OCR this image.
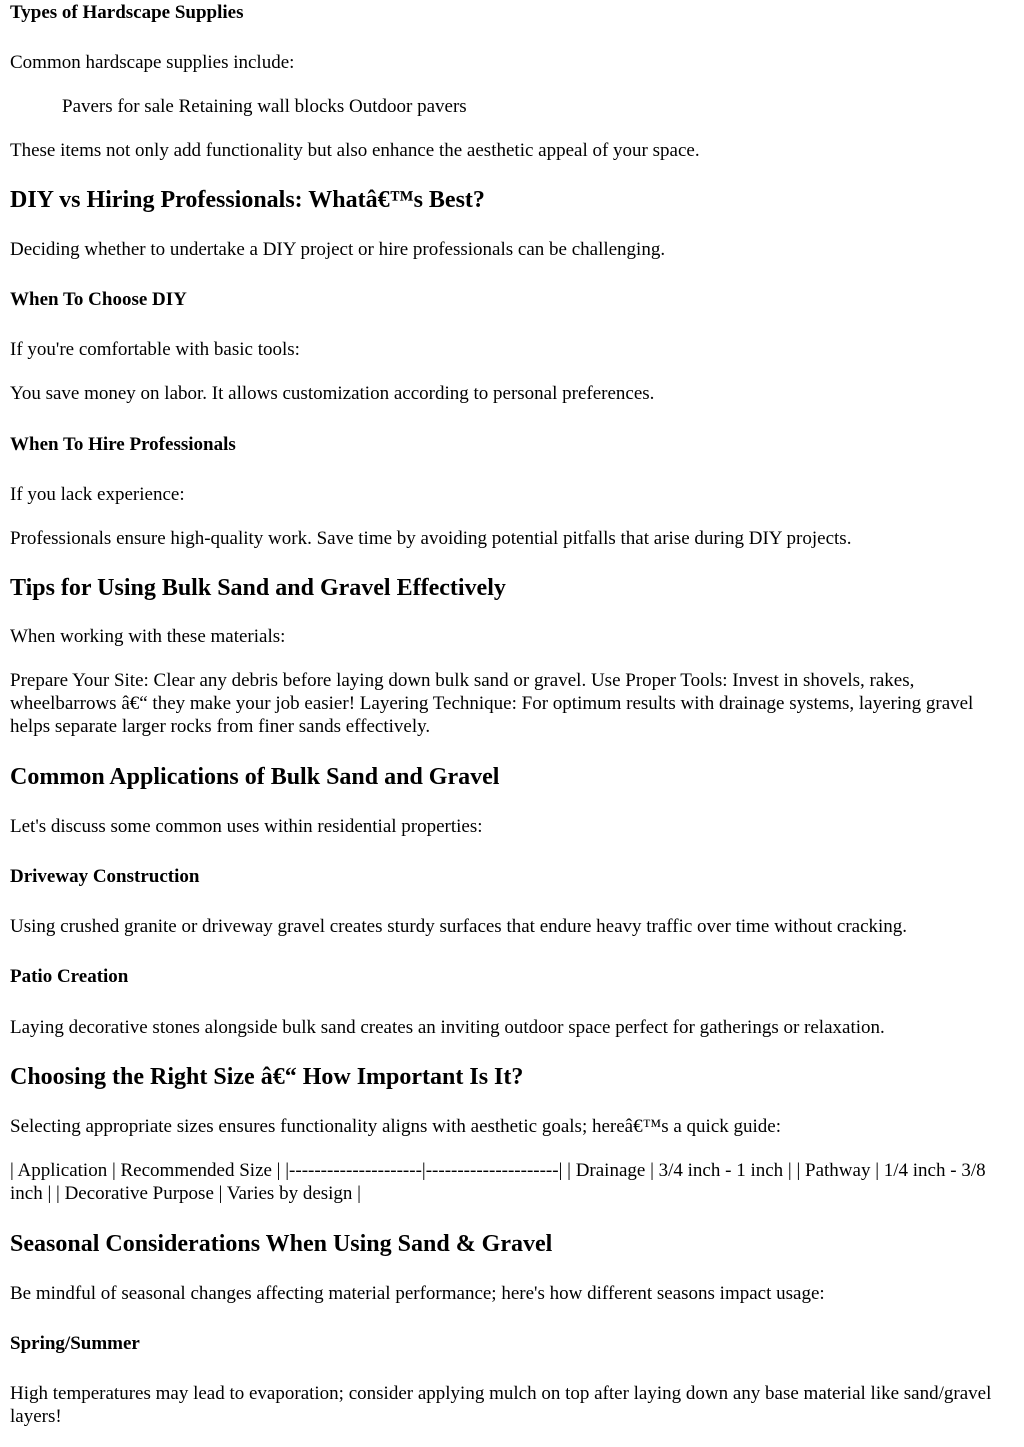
Types of Hardscape Supplies

Common hardscape supplies include:

Pavers for sale Retaining wall blocks Outdoor pavers

These items not only add functionality but also enhance the aesthetic appeal of your space.

DIY vs Hiring Professionals: Whatâ€™s Best?

Deciding whether to undertake a DIY project or hire professionals can be challenging.

When To Choose DIY

If you're comfortable with basic tools:

You save money on labor. It allows customization according to personal preferences.

When To Hire Professionals

If you lack experience:

Professionals ensure high-quality work. Save time by avoiding potential pitfalls that arise during DIY projects.

Tips for Using Bulk Sand and Gravel Effectively

When working with these materials:

Prepare Your Site: Clear any debris before laying down bulk sand or gravel. Use Proper Tools: Invest in shovels, rakes, wheelbarrows â€“ they make your job easier! Layering Technique: For optimum results with drainage systems, layering gravel helps separate larger rocks from finer sands effectively.

Common Applications of Bulk Sand and Gravel

Let's discuss some common uses within residential properties:

Driveway Construction

Using crushed granite or driveway gravel creates sturdy surfaces that endure heavy traffic over time without cracking.

Patio Creation

Laying decorative stones alongside bulk sand creates an inviting outdoor space perfect for gatherings or relaxation.

Choosing the Right Size â€“ How Important Is It?

Selecting appropriate sizes ensures functionality aligns with aesthetic goals; hereâ€™s a quick guide:

| Application | Recommended Size | |---------------------|---------------------| | Drainage | 3/4 inch - 1 inch | | Pathway | 1/4 inch - 3/8 inch | | Decorative Purpose | Varies by design |

Seasonal Considerations When Using Sand & Gravel

Be mindful of seasonal changes affecting material performance; here's how different seasons impact usage:

Spring/Summer

High temperatures may lead to evaporation; consider applying mulch on top after laying down any base material like sand/gravel layers!
